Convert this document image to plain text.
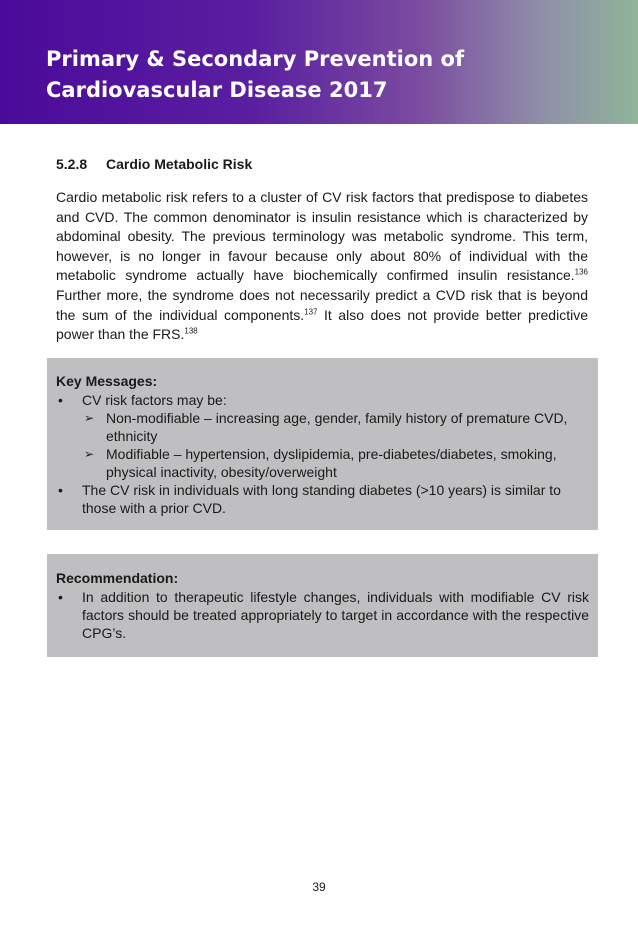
Primary & Secondary Prevention of Cardiovascular Disease 2017
5.2.8 Cardio Metabolic Risk
Cardio metabolic risk refers to a cluster of CV risk factors that predispose to diabetes and CVD. The common denominator is insulin resistance which is characterized by abdominal obesity. The previous terminology was metabolic syndrome. This term, however, is no longer in favour because only about 80% of individual with the metabolic syndrome actually have biochemically confirmed insulin resistance.$^{136}$ Further more, the syndrome does not necessarily predict a CVD risk that is beyond the sum of the individual components.$^{137}$ It also does not provide better predictive power than the FRS.$^{138}$
Key Messages:
• CV risk factors may be:
➢ Non-modifiable – increasing age, gender, family history of premature CVD, ethnicity
➢ Modifiable – hypertension, dyslipidemia, pre-diabetes/diabetes, smoking, physical inactivity, obesity/overweight
• The CV risk in individuals with long standing diabetes (>10 years) is similar to those with a prior CVD.
Recommendation:
• In addition to therapeutic lifestyle changes, individuals with modifiable CV risk factors should be treated appropriately to target in accordance with the respective CPG’s.
39
